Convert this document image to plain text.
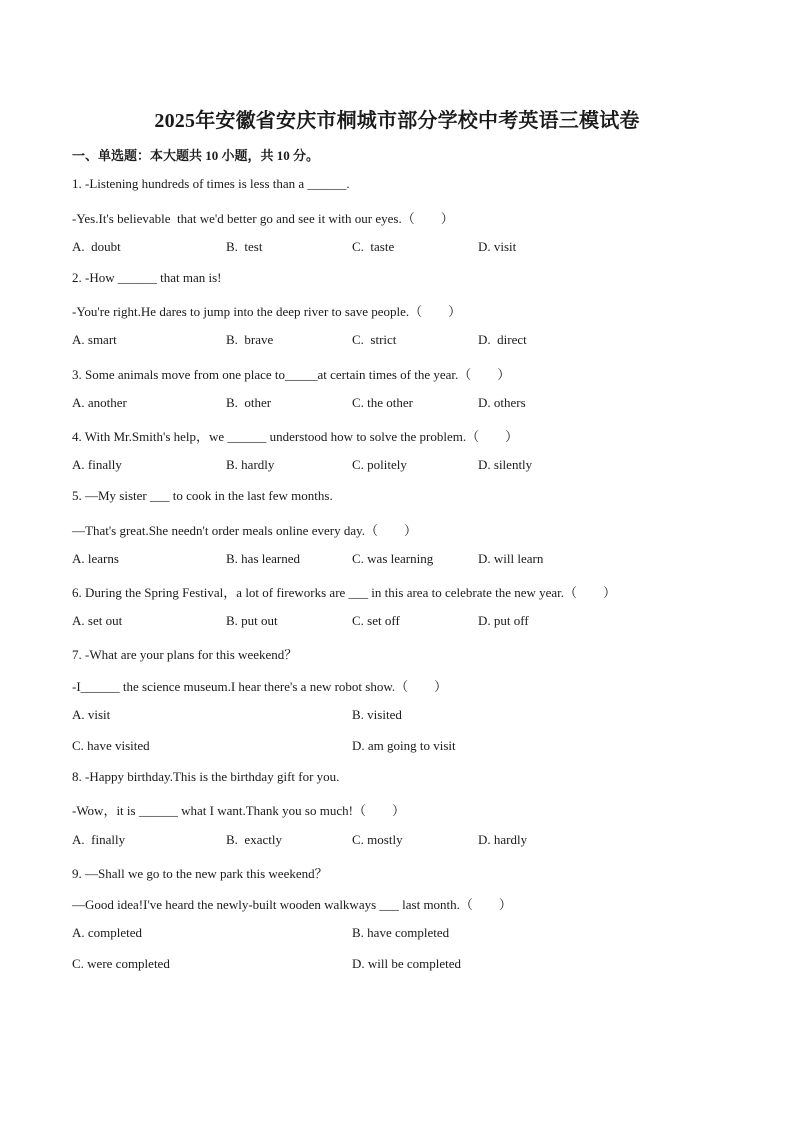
2025年安徽省安庆市桐城市部分学校中考英语三模试卷
一、单选题：本大题共 10 小题，共 10 分。
1. -Listening hundreds of times is less than a ______.
-Yes.It's believable  that we'd better go and see it with our eyes.（        ）
A.  doubt	B.  test	C.  taste	D. visit
2. -How ______ that man is!
-You're right.He dares to jump into the deep river to save people.（        ）
A. smart	B.  brave	C.  strict	D.  direct
3. Some animals move from one place to_____at certain times of the year.（        ）
A. another	B.  other	C. the other	D. others
4. With Mr.Smith's help，we ______ understood how to solve the problem.（        ）
A. finally	B. hardly	C. politely	D. silently
5. —My sister ___ to cook in the last few months.
—That's great.She needn't order meals online every day.（        ）
A. learns	B. has learned	C. was learning	D. will learn
6. During the Spring Festival，a lot of fireworks are ___ in this area to celebrate the new year.（        ）
A. set out	B. put out	C. set off	D. put off
7. -What are your plans for this weekend？
-I______ the science museum.I hear there's a new robot show.（        ）
A. visit	B. visited
C. have visited	D. am going to visit
8. -Happy birthday.This is the birthday gift for you.
-Wow，it is ______ what I want.Thank you so much!（        ）
A.  finally	B.  exactly	C. mostly	D. hardly
9. —Shall we go to the new park this weekend？
—Good idea!I've heard the newly-built wooden walkways ___ last month.（        ）
A. completed	B. have completed
C. were completed	D. will be completed
